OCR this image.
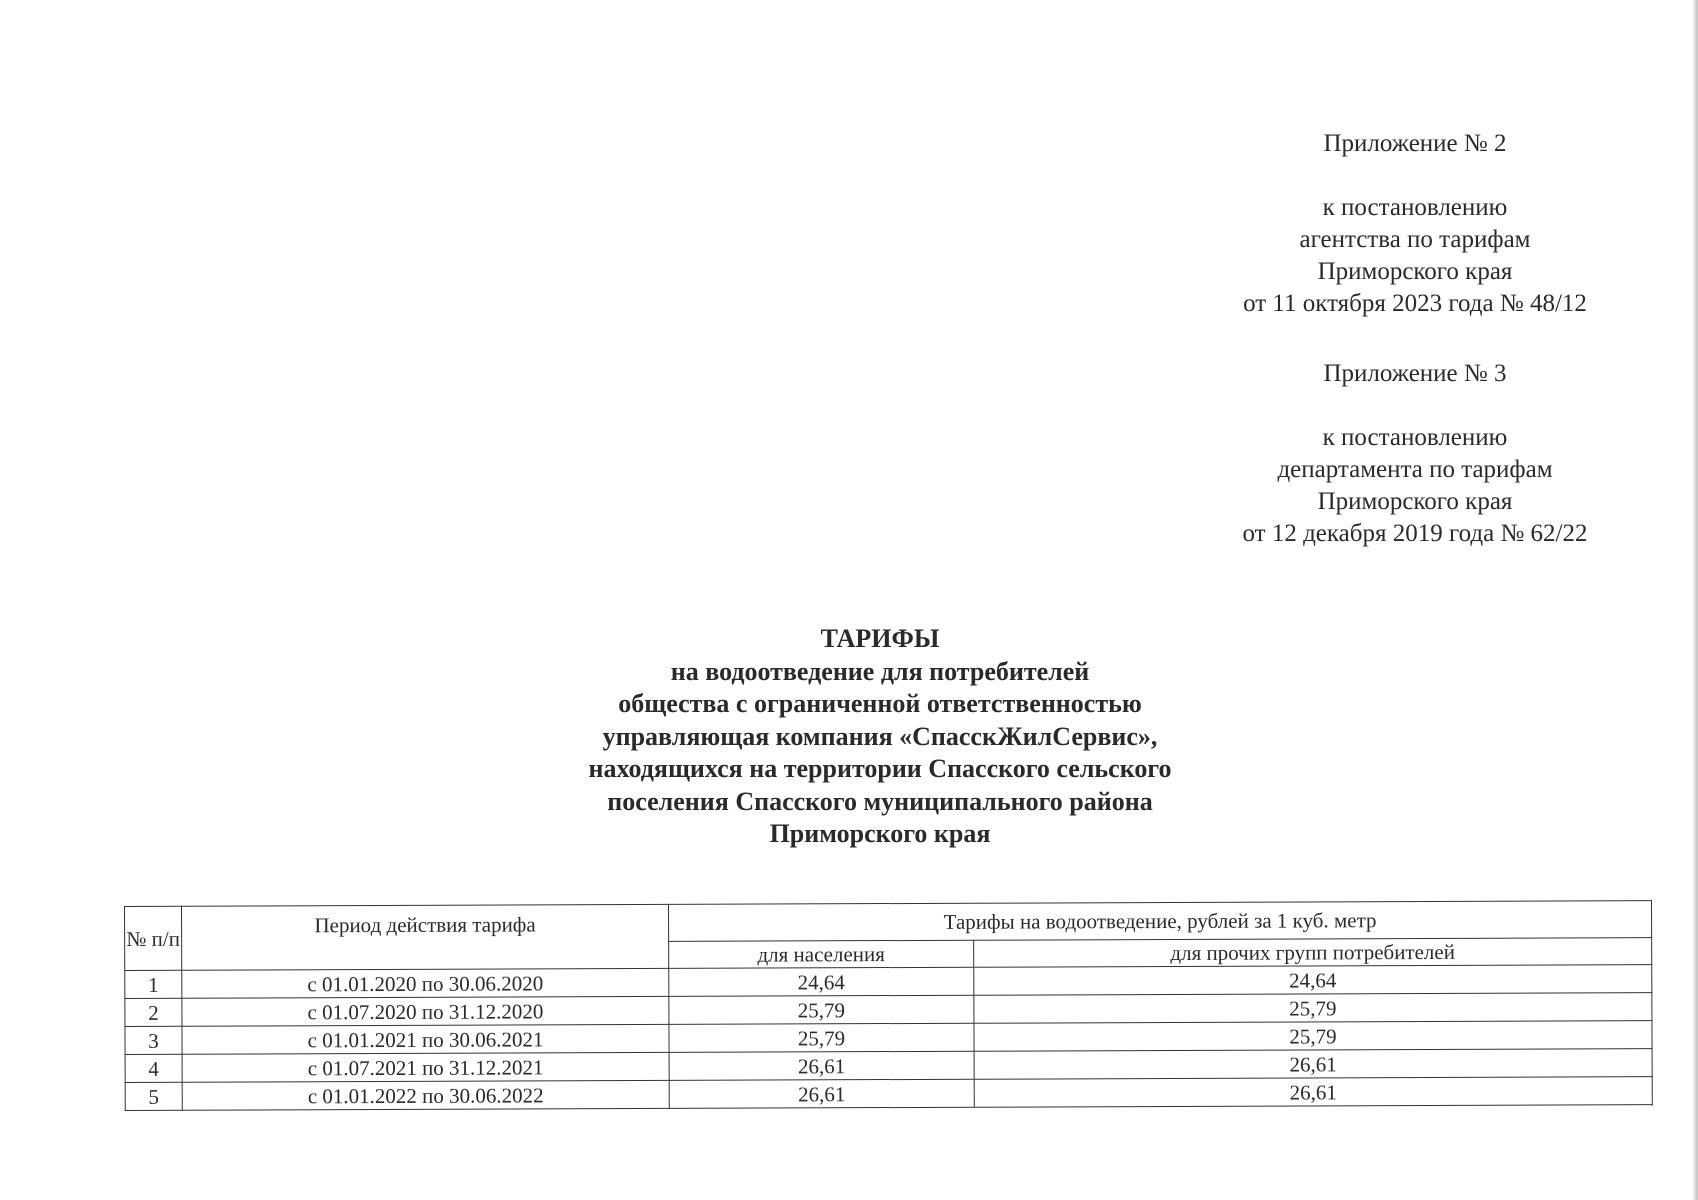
Приложение № 2
к постановлению
агентства по тарифам
Приморского края
от 11 октября 2023 года № 48/12
Приложение № 3
к постановлению
департамента по тарифам
Приморского края
от 12 декабря 2019 года № 62/22
ТАРИФЫ
на водоотведение для потребителей
общества с ограниченной ответственностью
управляющая компания «СпасскЖилСервис»,
находящихся на территории Спасского сельского
поселения Спасского муниципального района
Приморского края
№ п/п	Период действия тарифа	Тарифы на водоотведение, рублей за 1 куб. метр	
		для населения	для прочих групп потребителей
1	с 01.01.2020 по 30.06.2020	24,64	24,64
2	с 01.07.2020 по 31.12.2020	25,79	25,79
3	с 01.01.2021 по 30.06.2021	25,79	25,79
4	с 01.07.2021 по 31.12.2021	26,61	26,61
5	с 01.01.2022 по 30.06.2022	26,61	26,61
